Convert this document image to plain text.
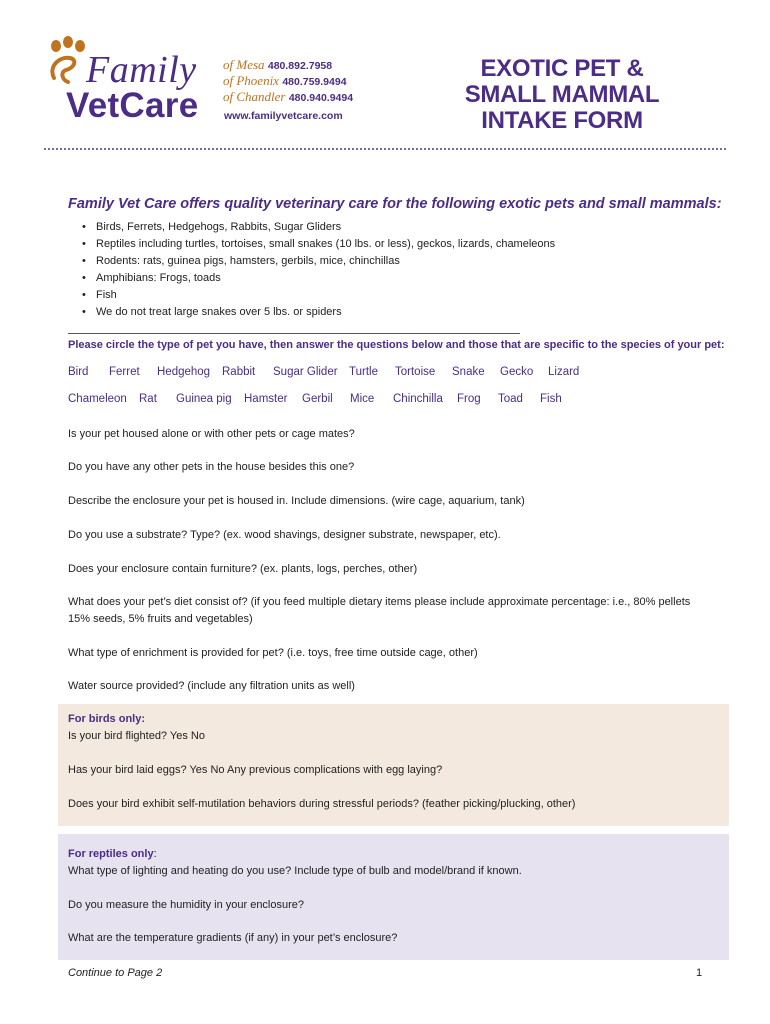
Family
VetCare
of Mesa 480.892.7958
of Phoenix 480.759.9494
of Chandler 480.940.9494
www.familyvetcare.com
EXOTIC PET &
SMALL MAMMAL
INTAKE FORM
Family Vet Care offers quality veterinary care for the following exotic pets and small mammals:
• Birds, Ferrets, Hedgehogs, Rabbits, Sugar Gliders
• Reptiles including turtles, tortoises, small snakes (10 lbs. or less), geckos, lizards, chameleons
• Rodents: rats, guinea pigs, hamsters, gerbils, mice, chinchillas
• Amphibians: Frogs, toads
• Fish
• We do not treat large snakes over 5 lbs. or spiders
Please circle the type of pet you have, then answer the questions below and those that are specific to the species of your pet:
Bird Ferret Hedgehog Rabbit Sugar Glider Turtle Tortoise Snake Gecko Lizard
Chameleon Rat Guinea pig Hamster Gerbil Mice Chinchilla Frog Toad Fish
Is your pet housed alone or with other pets or cage mates?
Do you have any other pets in the house besides this one?
Describe the enclosure your pet is housed in. Include dimensions. (wire cage, aquarium, tank)
Do you use a substrate? Type? (ex. wood shavings, designer substrate, newspaper, etc).
Does your enclosure contain furniture? (ex. plants, logs, perches, other)
What does your pet’s diet consist of? (if you feed multiple dietary items please include approximate percentage: i.e., 80% pellets 15% seeds, 5% fruits and vegetables)
What type of enrichment is provided for pet? (i.e. toys, free time outside cage, other)
Water source provided? (include any filtration units as well)
For birds only:
Is your bird flighted? Yes No
Has your bird laid eggs? Yes No Any previous complications with egg laying?
Does your bird exhibit self-mutilation behaviors during stressful periods? (feather picking/plucking, other)
For reptiles only:
What type of lighting and heating do you use? Include type of bulb and model/brand if known.
Do you measure the humidity in your enclosure?
What are the temperature gradients (if any) in your pet’s enclosure?
Continue to Page 2	1
